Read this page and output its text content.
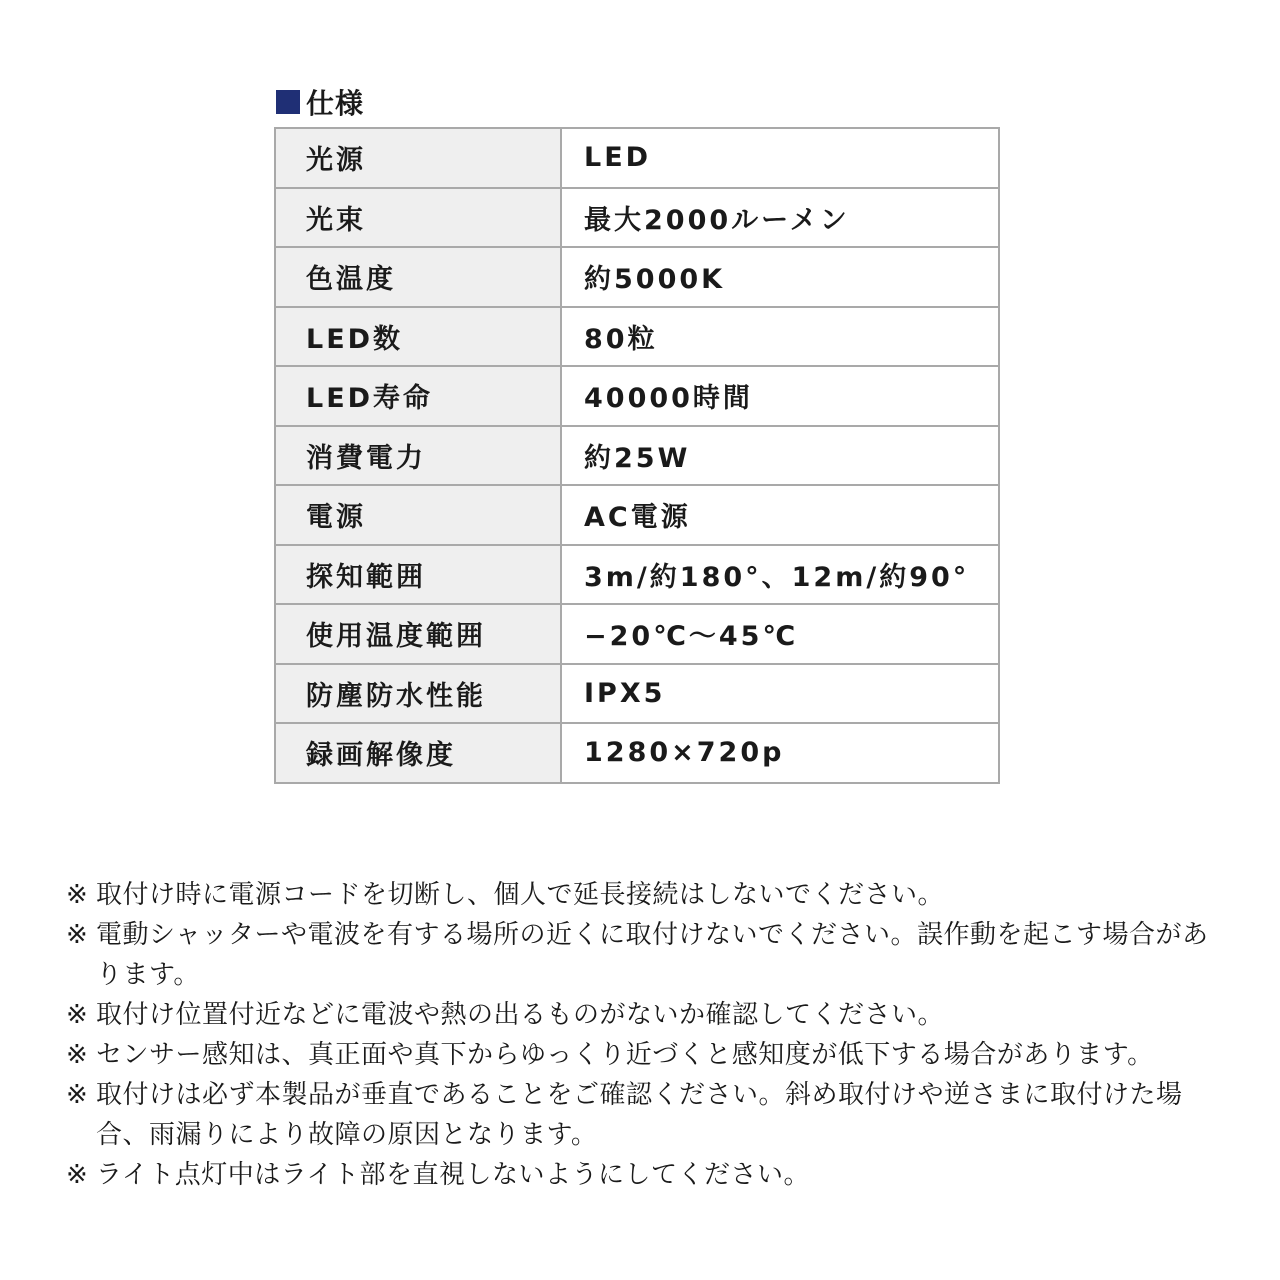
仕様
光源	LED
光束	最大2000ルーメン
色温度	約5000K
LED数	80粒
LED寿命	40000時間
消費電力	約25W
電源	AC電源
探知範囲	3m/約180°、12m/約90°
使用温度範囲	−20℃〜45℃
防塵防水性能	IPX5
録画解像度	1280×720p
※ 取付け時に電源コードを切断し、個人で延長接続はしないでください。
※ 電動シャッターや電波を有する場所の近くに取付けないでください。誤作動を起こす場合があります。
※ 取付け位置付近などに電波や熱の出るものがないか確認してください。
※ センサー感知は、真正面や真下からゆっくり近づくと感知度が低下する場合があります。
※ 取付けは必ず本製品が垂直であることをご確認ください。斜め取付けや逆さまに取付けた場合、雨漏りにより故障の原因となります。
※ ライト点灯中はライト部を直視しないようにしてください。
